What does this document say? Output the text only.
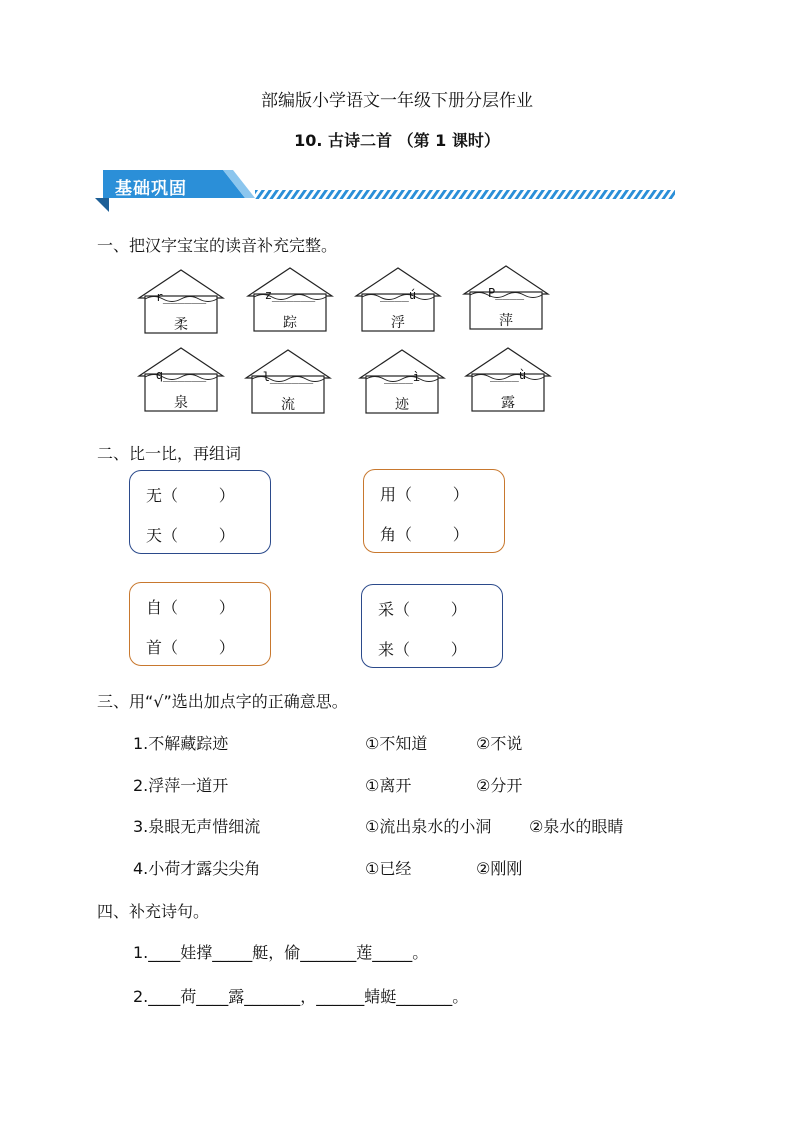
部编版小学语文一年级下册分层作业
10. 古诗二首 （第 1 课时）
基础巩固
一、把汉字宝宝的读音补充完整。
r______
柔
z______
踪
____ú
浮
P____
萍
q______
泉
l______
流
____ì
迹
____ù
露
二、比一比，再组词
无（        ）
天（        ）
用（        ）
角（        ）
自（        ）
首（        ）
采（        ）
来（        ）
三、用“√”选出加点字的正确意思。
1.不解藏踪迹	①不知道	②不说
2.浮萍一道开	①离开	②分开
3.泉眼无声惜细流	①流出泉水的小洞 ②泉水的眼睛
4.小荷才露尖尖角	①已经	②刚刚
四、补充诗句。
1.____娃撑_____艇，偷_______莲_____。
2.____荷____露_______，______蜻蜓_______。
